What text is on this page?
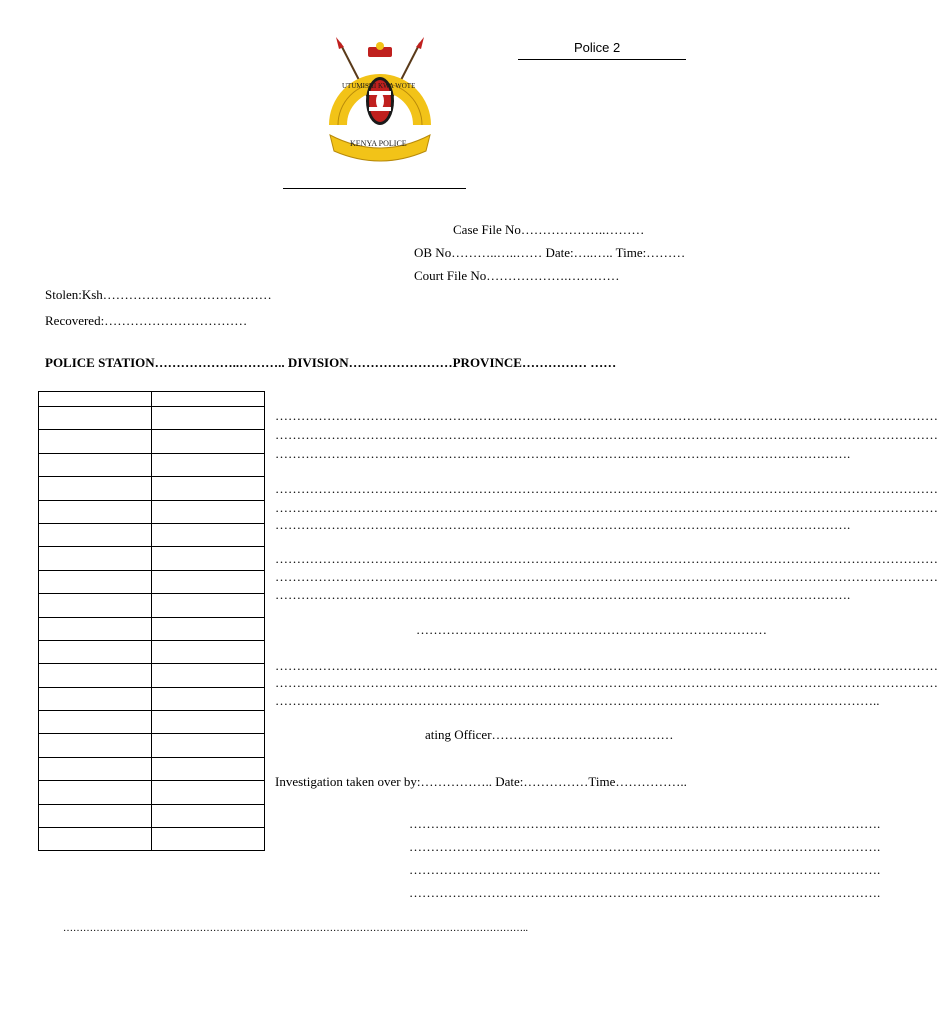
Police 2
KENYA POLICE
UTUMISHI KWA WOTE
Case File No………………..………
OB No………..…..…… Date:…..….. Time:………
Court File No……………….…………
Stolen:Ksh…………………………………
Recovered:……………………………
POLICE STATION………………..……….. DIVISION……………………PROVINCE…………… ……

………………………………………………………………………………………………………………………………………
………………………………………………………………………………………………………………………………………
…………………………………………………………………………………………………………………….
………………………………………………………………………………………………………………………………………
………………………………………………………………………………………………………………………………………
…………………………………………………………………………………………………………………….
………………………………………………………………………………………………………………………………………
………………………………………………………………………………………………………………………………………
…………………………………………………………………………………………………………………….
………………………………………………………………………
………………………………………………………………………………………………………………………………………
………………………………………………………………………………………………………………………………………
…………………………………………………………………………………………………………………………..
ating Officer……………………………………
Investigation taken over by:…………….. Date:……………Time……………..
……………………………………………………………………………………………….
……………………………………………………………………………………………….
……………………………………………………………………………………………….
……………………………………………………………………………………………….
…………………………………………………………………………………………………………………………..
